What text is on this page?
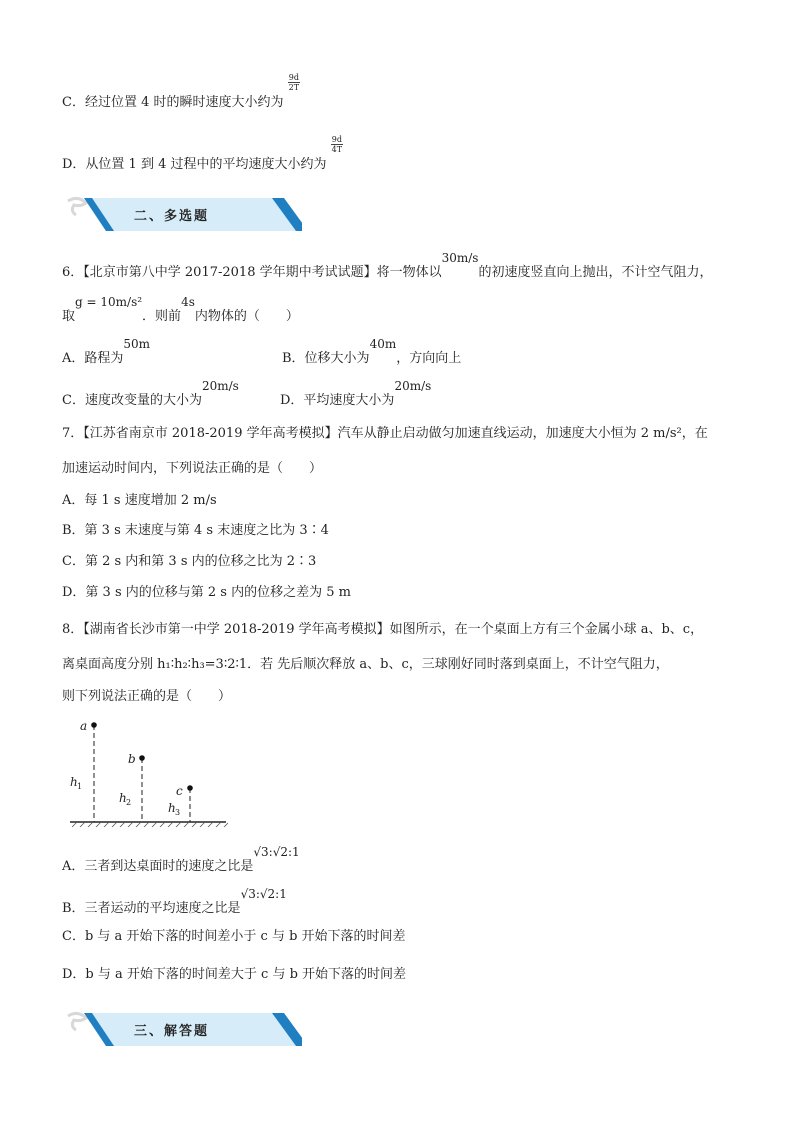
C．经过位置 4 时的瞬时速度大小约为
$\frac{9d}{2T}$
D．从位置 1 到 4 过程中的平均速度大小约为
$\frac{9d}{4T}$
二、多选题
6．【北京市第八中学 2017-2018 学年期中考试试题】将一物体以30m/s的初速度竖直向上抛出，不计空气阻力，
取g = 10m/s²．则前4s内物体的（　　）
A．路程为50m
B．位移大小为40m，方向向上
C．速度改变量的大小为20m/s
D．平均速度大小为20m/s
7．【江苏省南京市 2018-2019 学年高考模拟】汽车从静止启动做匀加速直线运动，加速度大小恒为 2 m/s²，在
加速运动时间内，下列说法正确的是（　　）
A．每 1 s 速度增加 2 m/s
B．第 3 s 末速度与第 4 s 末速度之比为 3∶4
C．第 2 s 内和第 3 s 内的位移之比为 2∶3
D．第 3 s 内的位移与第 2 s 内的位移之差为 5 m
8．【湖南省长沙市第一中学 2018-2019 学年高考模拟】如图所示，在一个桌面上方有三个金属小球 a、b、c，
离桌面高度分别 h₁∶h₂∶h₃=3∶2∶1．若 先后顺次释放 a、b、c，三球刚好同时落到桌面上，不计空气阻力，
则下列说法正确的是（　　）
a
b
c
h 1
h 2	h 3
A．三者到达桌面时的速度之比是√3:√2:1
B．三者运动的平均速度之比是√3:√2:1
C．b 与 a 开始下落的时间差小于 c 与 b 开始下落的时间差
D．b 与 a 开始下落的时间差大于 c 与 b 开始下落的时间差
三、解答题
